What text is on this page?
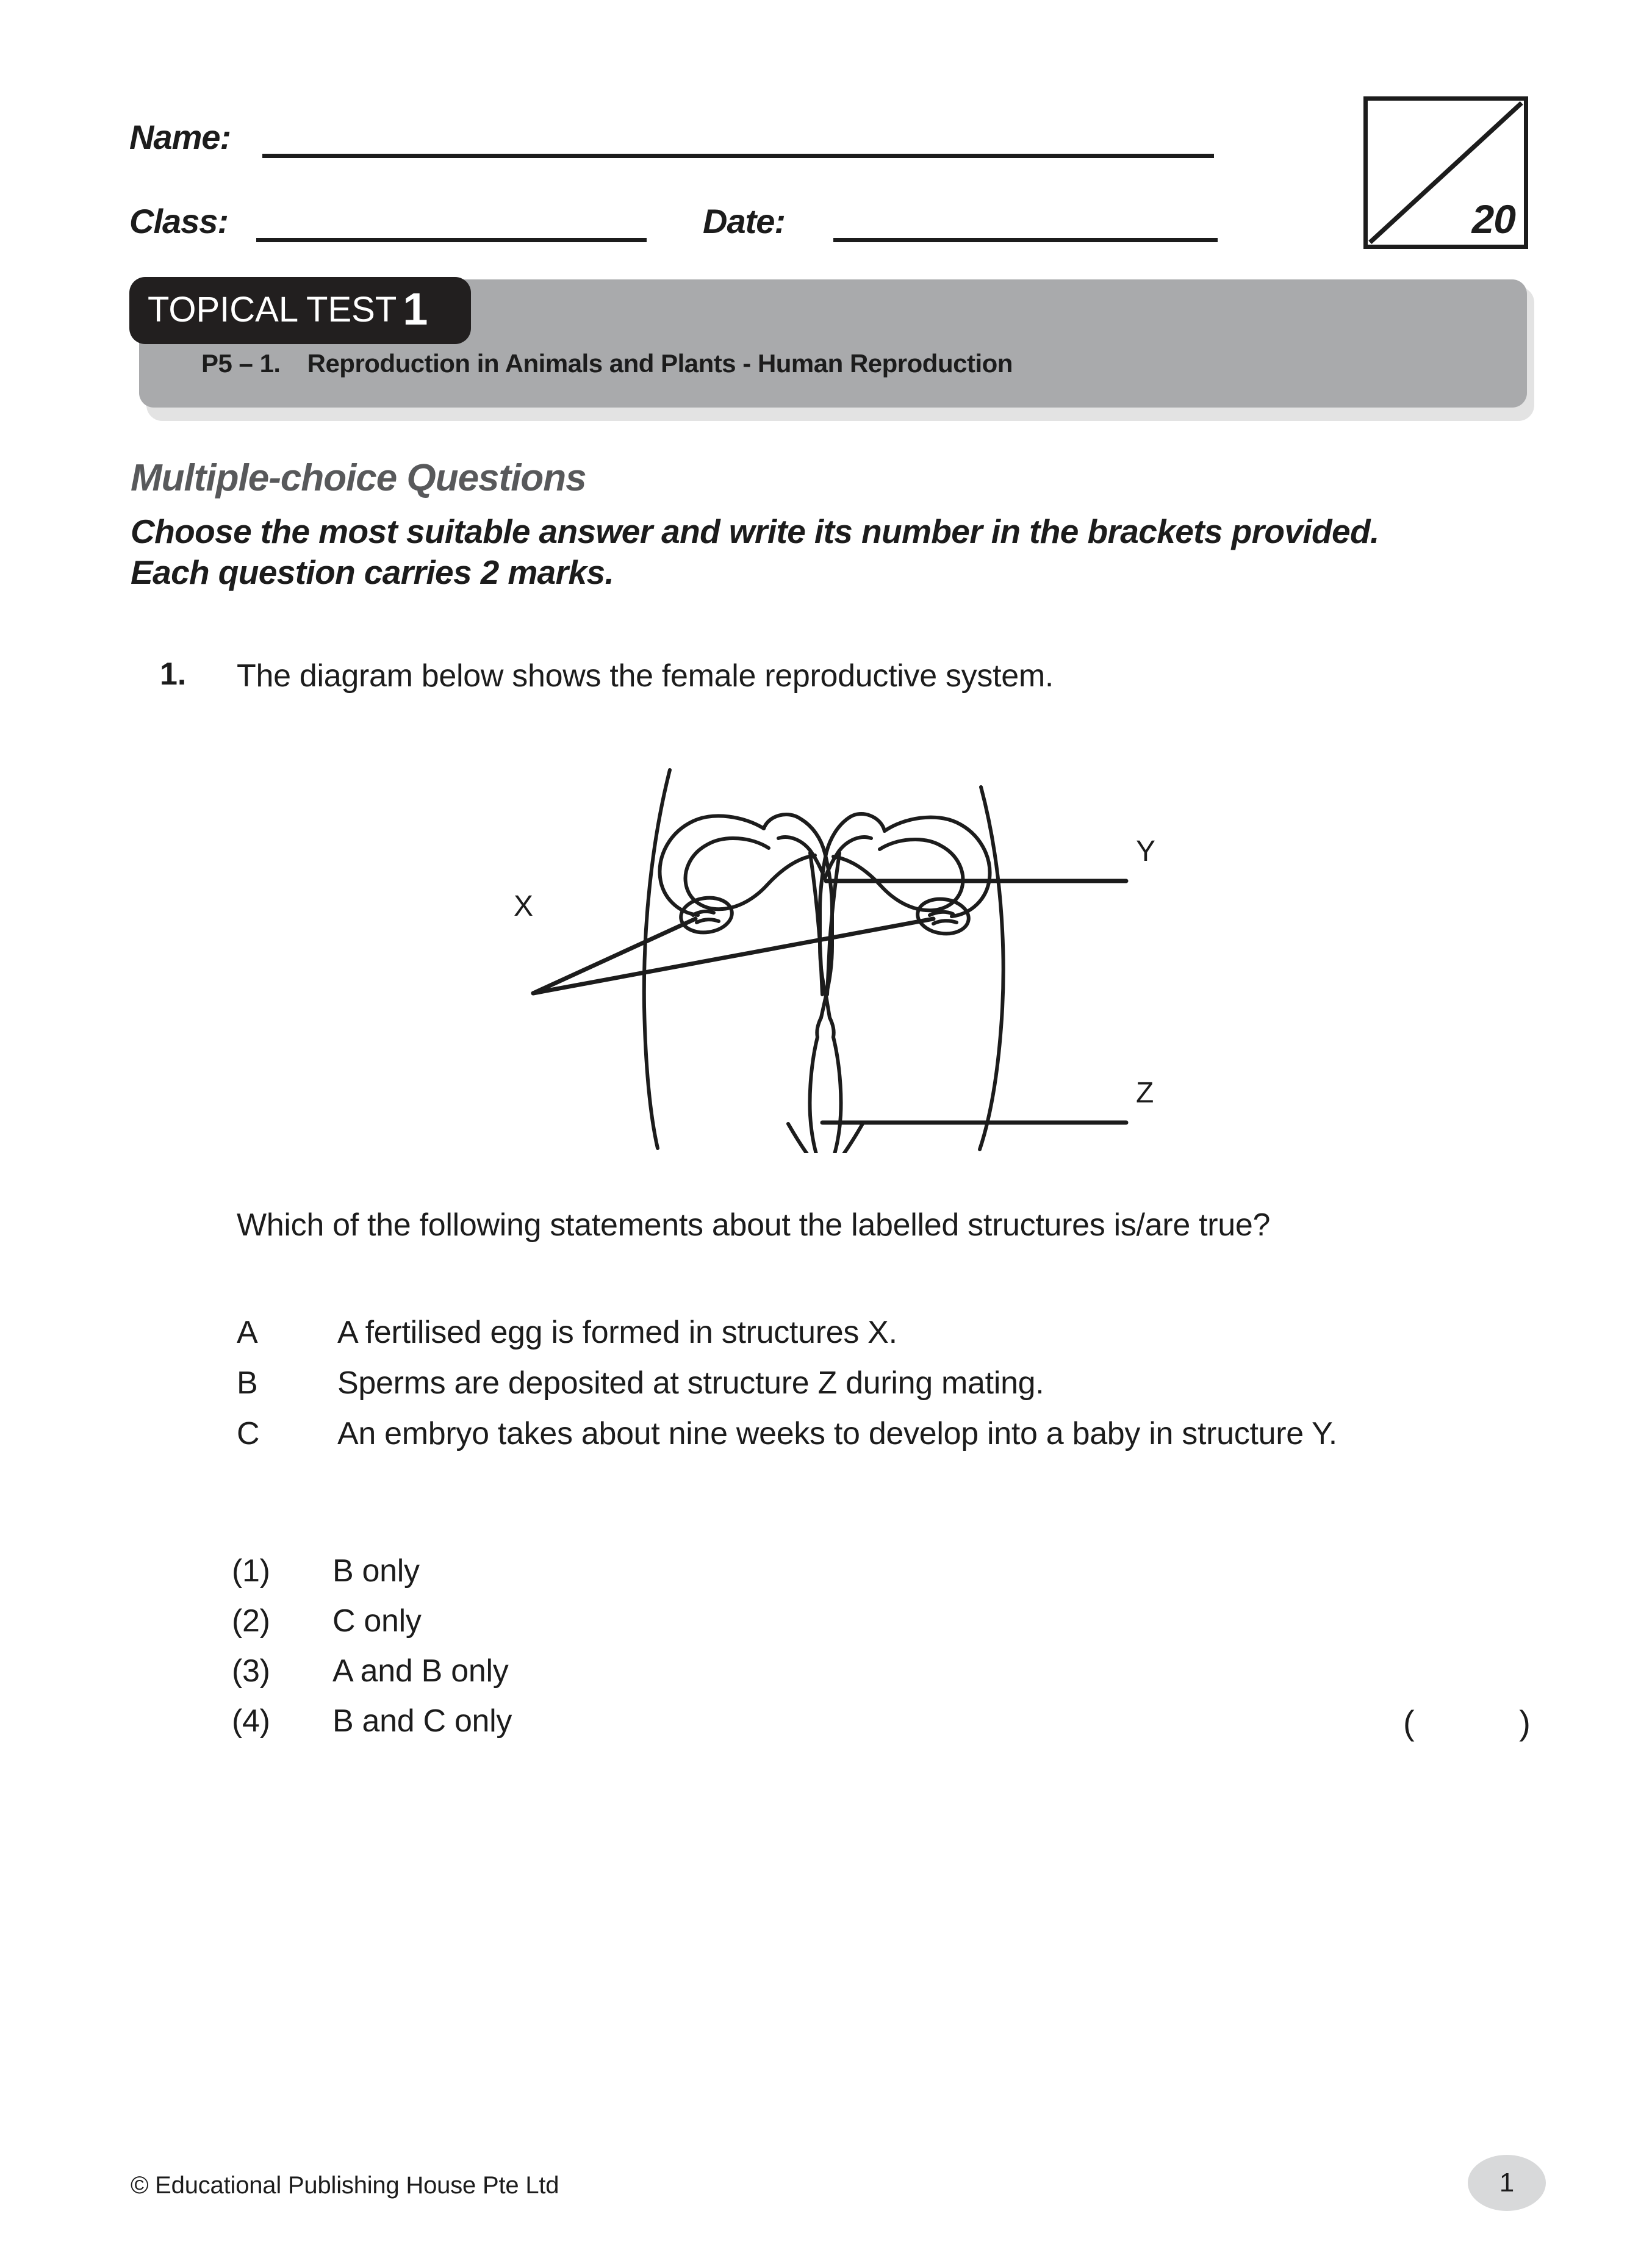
Name:
Class:	Date:	20
TOPICAL TEST 1
P5 – 1. Reproduction in Animals and Plants - Human Reproduction
Multiple-choice Questions
Choose the most suitable answer and write its number in the brackets provided. Each question carries 2 marks.
1. The diagram below shows the female reproductive system.
X
Y
Z
Which of the following statements about the labelled structures is/are true?
A	A fertilised egg is formed in structures X.
B	Sperms are deposited at structure Z during mating.
C	An embryo takes about nine weeks to develop into a baby in structure Y.
(1)	B only
(2)	C only
(3)	A and B only
(4)	B and C only	( )
© Educational Publishing House Pte Ltd	1
